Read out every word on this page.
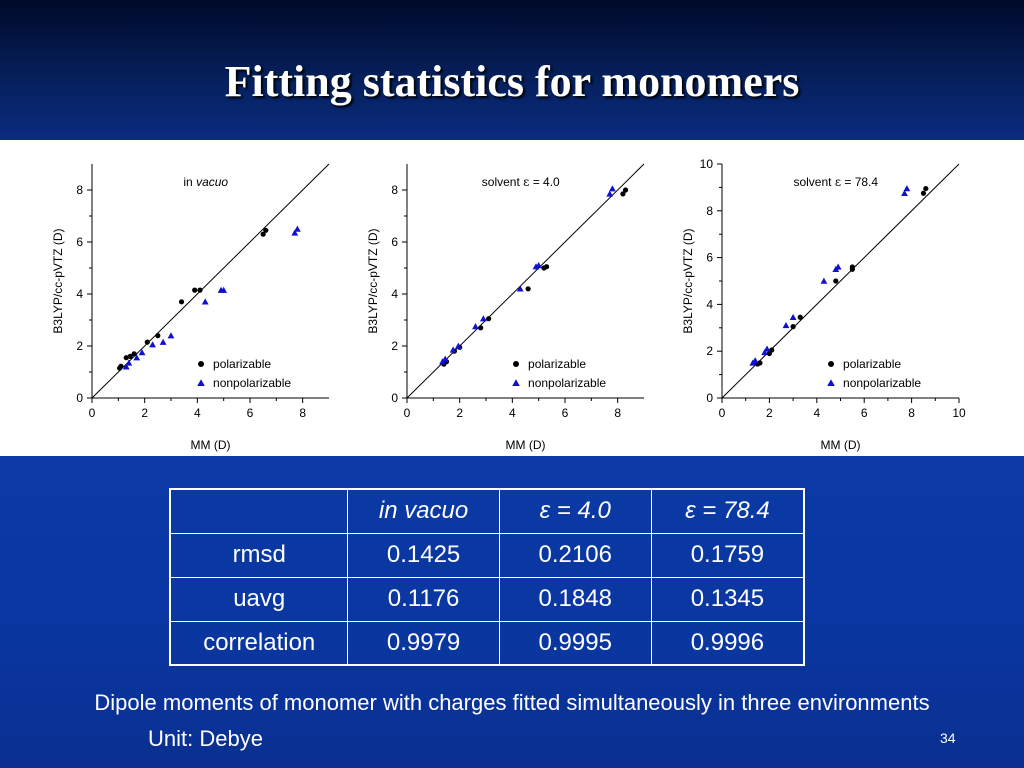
Fitting statistics for monomers
0	2	4	6	8
0
2
4
6
8
MM (D)
B3LYP/cc-pVTZ (D)
in vacuo
polarizable
nonpolarizable
0	2	4	6	8
0
2
4
6
8
MM (D)
B3LYP/cc-pVTZ (D)
solvent ε = 4.0
polarizable
nonpolarizable
0	2	4	6	8	10
0
2
4
6
8
10
MM (D)
B3LYP/cc-pVTZ (D)
solvent ε = 78.4
polarizable
nonpolarizable
	in vacuo	ε = 4.0	ε = 78.4
rmsd	0.1425	0.2106	0.1759
uavg	0.1176	0.1848	0.1345
correlation	0.9979	0.9995	0.9996
Dipole moments of monomer with charges fitted simultaneously in three environments
Unit: Debye	34
